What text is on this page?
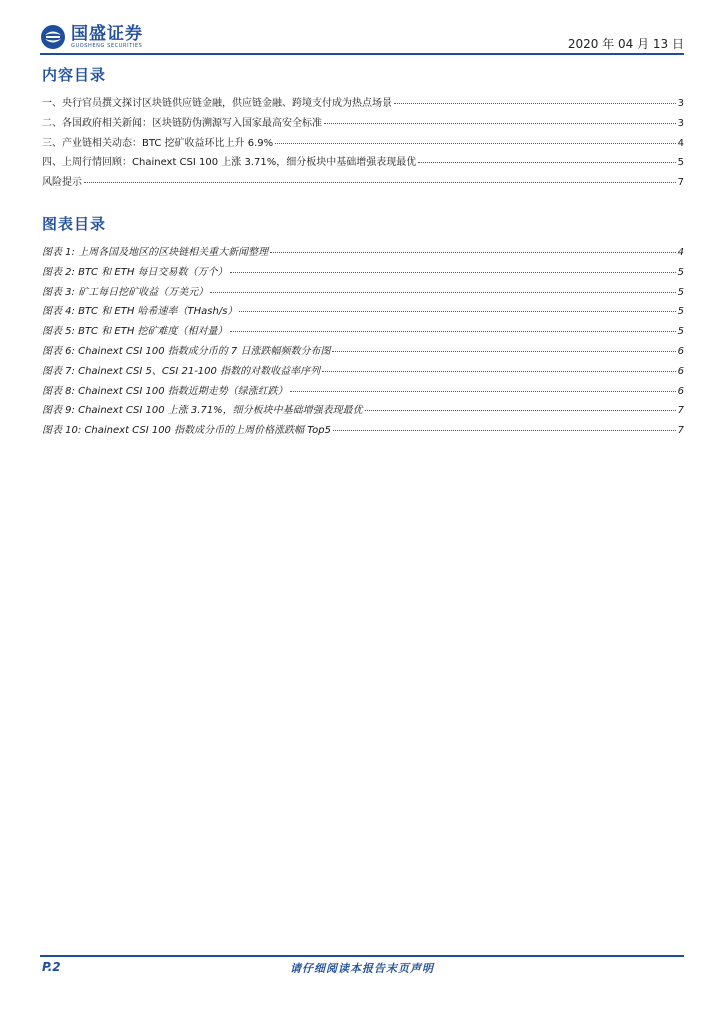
国盛证券
GUOSHENG SECURITIES	2020 年 04 月 13 日
内容目录
一、央行官员撰文探讨区块链供应链金融，供应链金融、跨境支付成为热点场景	3
二、各国政府相关新闻：区块链防伪溯源写入国家最高安全标准	3
三、产业链相关动态：BTC 挖矿收益环比上升 6.9%	4
四、上周行情回顾：Chainext CSI 100 上涨 3.71%，细分板块中基础增强表现最优	5
风险提示	7
图表目录
图表 1: 上周各国及地区的区块链相关重大新闻整理	4
图表 2: BTC 和 ETH 每日交易数（万个）	5
图表 3: 矿工每日挖矿收益（万美元）	5
图表 4: BTC 和 ETH 哈希速率（THash/s）	5
图表 5: BTC 和 ETH 挖矿难度（相对量）	5
图表 6: Chainext CSI 100 指数成分币的 7 日涨跌幅频数分布图	6
图表 7: Chainext CSI 5、CSI 21-100 指数的对数收益率序列	6
图表 8: Chainext CSI 100 指数近期走势（绿涨红跌）	6
图表 9: Chainext CSI 100 上涨 3.71%，细分板块中基础增强表现最优	7
图表 10: Chainext CSI 100 指数成分币的上周价格涨跌幅 Top5	7
P.2	请仔细阅读本报告末页声明
